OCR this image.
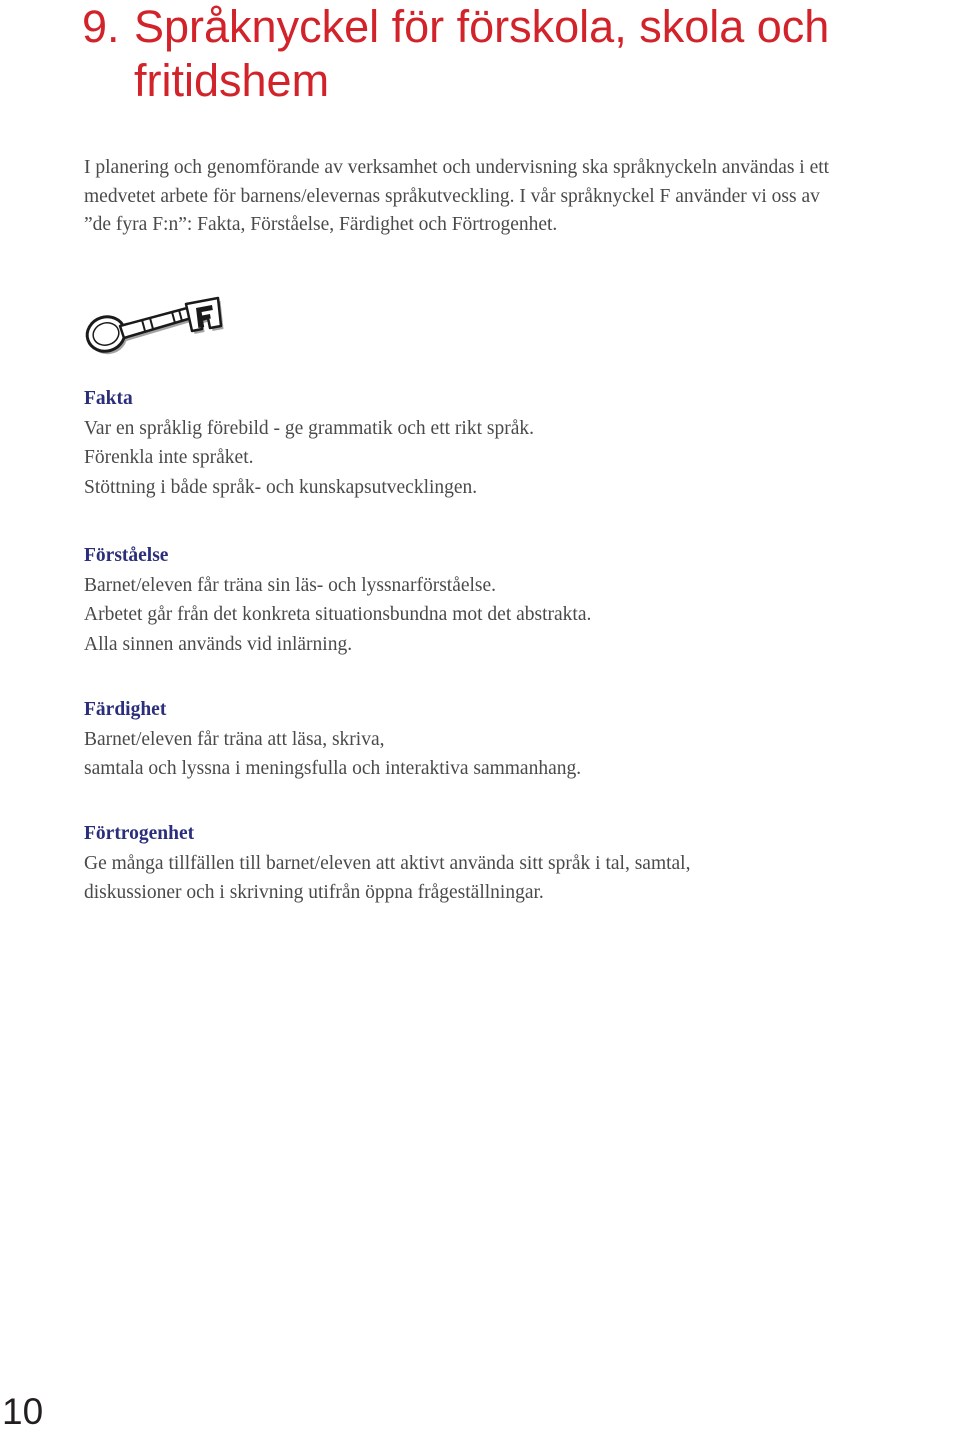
9. Språknyckel för förskola, skola och
fritidshem
I planering och genomförande av verksamhet och undervisning ska språknyckeln användas i ett
medvetet arbete för barnens/elevernas språkutveckling. I vår språknyckel F använder vi oss av
”de fyra F:n”: Fakta, Förståelse, Färdighet och Förtrogenhet.
Fakta
Var en språklig förebild - ge grammatik och ett rikt språk.
Förenkla inte språket.
Stöttning i både språk- och kunskapsutvecklingen.
Förståelse
Barnet/eleven får träna sin läs- och lyssnarförståelse.
Arbetet går från det konkreta situationsbundna mot det abstrakta.
Alla sinnen används vid inlärning.
Färdighet
Barnet/eleven får träna att läsa, skriva,
samtala och lyssna i meningsfulla och interaktiva sammanhang.
Förtrogenhet
Ge många tillfällen till barnet/eleven att aktivt använda sitt språk i tal, samtal,
diskussioner och i skrivning utifrån öppna frågeställningar.
10
